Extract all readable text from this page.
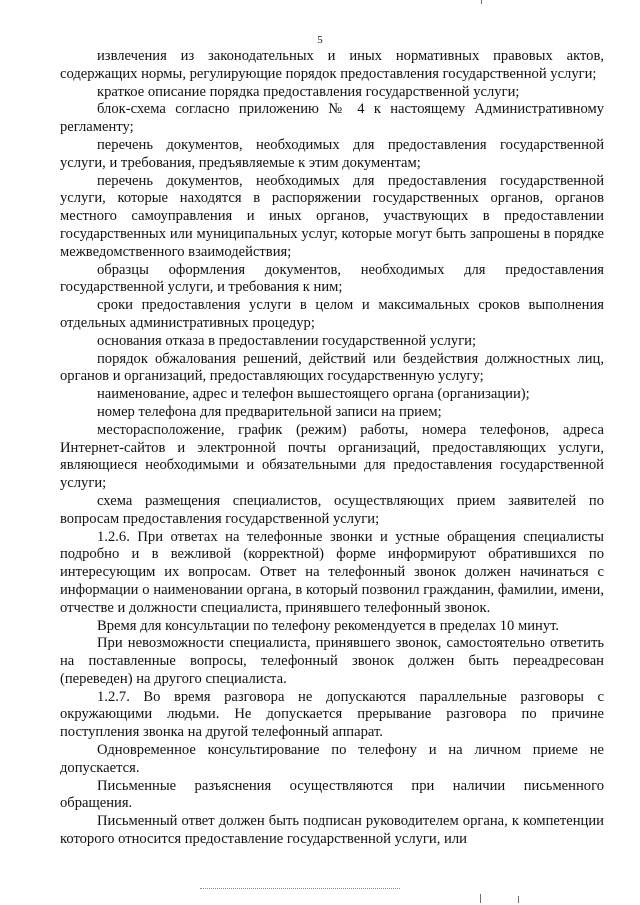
5

извлечения из законодательных и иных нормативных правовых актов, содержащих нормы, регулирующие порядок предоставления государственной услуги;

краткое описание порядка предоставления государственной услуги;

блок-схема согласно приложению № 4 к настоящему Административному регламенту;

перечень документов, необходимых для предоставления государственной услуги, и требования, предъявляемые к этим документам;

перечень документов, необходимых для предоставления государственной услуги, которые находятся в распоряжении государственных органов, органов местного самоуправления и иных органов, участвующих в предоставлении государственных или муниципальных услуг, которые могут быть запрошены в порядке межведомственного взаимодействия;

образцы оформления документов, необходимых для предоставления государственной услуги, и требования к ним;

сроки предоставления услуги в целом и максимальных сроков выполнения отдельных административных процедур;

основания отказа в предоставлении государственной услуги;

порядок обжалования решений, действий или бездействия должностных лиц, органов и организаций, предоставляющих государственную услугу;

наименование, адрес и телефон вышестоящего органа (организации);

номер телефона для предварительной записи на прием;

месторасположение, график (режим) работы, номера телефонов, адреса Интернет-сайтов и электронной почты организаций, предоставляющих услуги, являющиеся необходимыми и обязательными для предоставления государственной услуги;

схема размещения специалистов, осуществляющих прием заявителей по вопросам предоставления государственной услуги;

1.2.6. При ответах на телефонные звонки и устные обращения специалисты подробно и в вежливой (корректной) форме информируют обратившихся по интересующим их вопросам. Ответ на телефонный звонок должен начинаться с информации о наименовании органа, в который позвонил гражданин, фамилии, имени, отчестве и должности специалиста, принявшего телефонный звонок.

Время для консультации по телефону рекомендуется в пределах 10 минут.

При невозможности специалиста, принявшего звонок, самостоятельно ответить на поставленные вопросы, телефонный звонок должен быть переадресован (переведен) на другого специалиста.

1.2.7. Во время разговора не допускаются параллельные разговоры с окружающими людьми. Не допускается прерывание разговора по причине поступления звонка на другой телефонный аппарат.

Одновременное консультирование по телефону и на личном приеме не допускается.

Письменные разъяснения осуществляются при наличии письменного обращения.

Письменный ответ должен быть подписан руководителем органа, к компетенции которого относится предоставление государственной услуги, или
